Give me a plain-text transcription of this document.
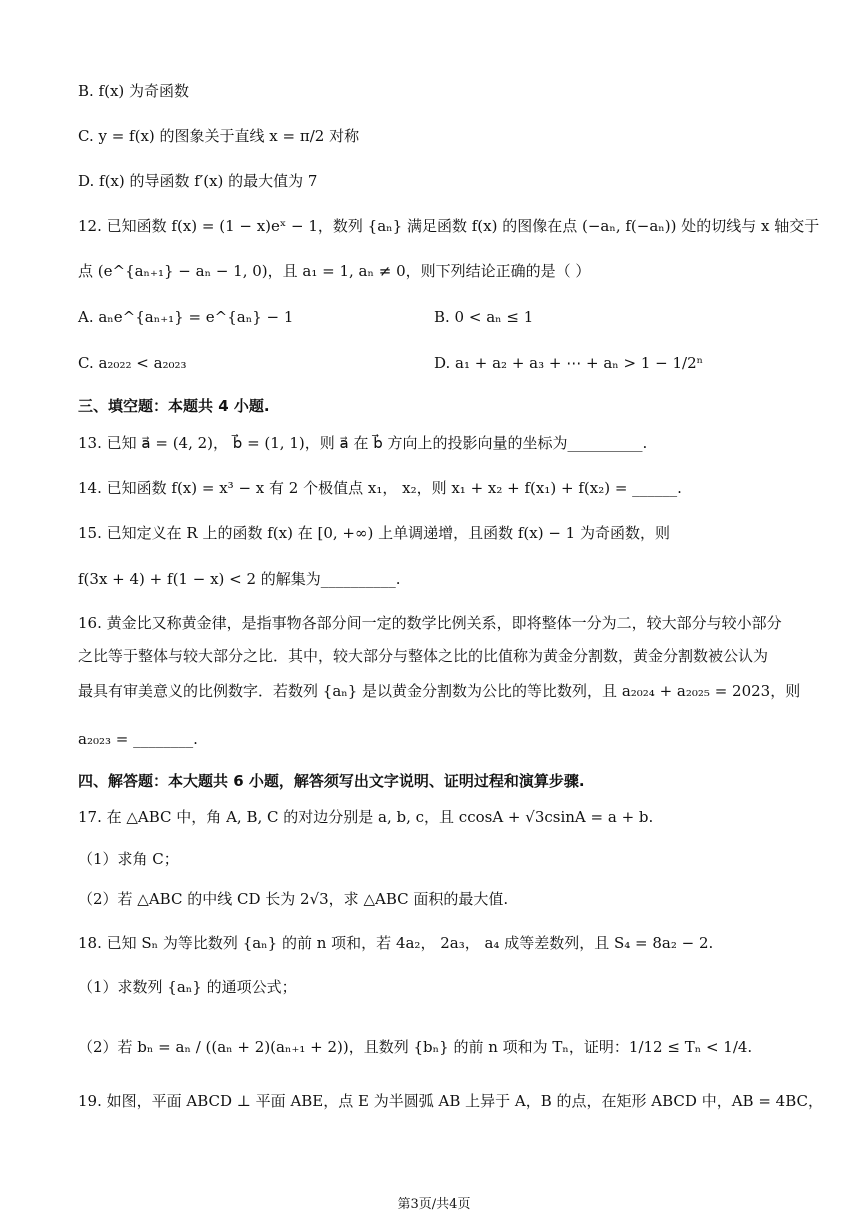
B. f(x) 为奇函数
C. y = f(x) 的图象关于直线 x = π/2 对称
D. f(x) 的导函数 f′(x) 的最大值为 7
12. 已知函数 f(x) = (1 − x)eˣ − 1，数列 {aₙ} 满足函数 f(x) 的图像在点 (−aₙ, f(−aₙ)) 处的切线与 x 轴交于
点 (e^{aₙ₊₁} − aₙ − 1, 0)，且 a₁ = 1, aₙ ≠ 0，则下列结论正确的是（ ）
A. aₙe^{aₙ₊₁} = e^{aₙ} − 1
C. a₂₀₂₂ < a₂₀₂₃
三、填空题：本题共 4 小题.
13. 已知 a⃗ = (4, 2)， b⃗ = (1, 1)，则 a⃗ 在 b⃗ 方向上的投影向量的坐标为__________.
14. 已知函数 f(x) = x³ − x 有 2 个极值点 x₁， x₂，则 x₁ + x₂ + f(x₁) + f(x₂) = ______.
15. 已知定义在 R 上的函数 f(x) 在 [0, +∞) 上单调递增，且函数 f(x) − 1 为奇函数，则
f(3x + 4) + f(1 − x) < 2 的解集为__________.
16. 黄金比又称黄金律，是指事物各部分间一定的数学比例关系，即将整体一分为二，较大部分与较小部分
之比等于整体与较大部分之比．其中，较大部分与整体之比的比值称为黄金分割数，黄金分割数被公认为
最具有审美意义的比例数字．若数列 {aₙ} 是以黄金分割数为公比的等比数列，且 a₂₀₂₄ + a₂₀₂₅ = 2023，则
a₂₀₂₃ = ________.
四、解答题：本大题共 6 小题，解答须写出文字说明、证明过程和演算步骤.
17. 在 △ABC 中，角 A, B, C 的对边分别是 a, b, c，且 ccosA + √3csinA = a + b.
（1）求角 C；
（2）若 △ABC 的中线 CD 长为 2√3，求 △ABC 面积的最大值.
18. 已知 Sₙ 为等比数列 {aₙ} 的前 n 项和，若 4a₂， 2a₃， a₄ 成等差数列，且 S₄ = 8a₂ − 2.
（1）求数列 {aₙ} 的通项公式；
（2）若 bₙ = aₙ / ((aₙ + 2)(aₙ₊₁ + 2))，且数列 {bₙ} 的前 n 项和为 Tₙ，证明：1/12 ≤ Tₙ < 1/4.
19. 如图，平面 ABCD ⊥ 平面 ABE，点 E 为半圆弧 AB 上异于 A，B 的点，在矩形 ABCD 中，AB = 4BC，
B. 0 < aₙ ≤ 1
D. a₁ + a₂ + a₃ + ⋯ + aₙ > 1 − 1/2ⁿ
第3页/共4页
